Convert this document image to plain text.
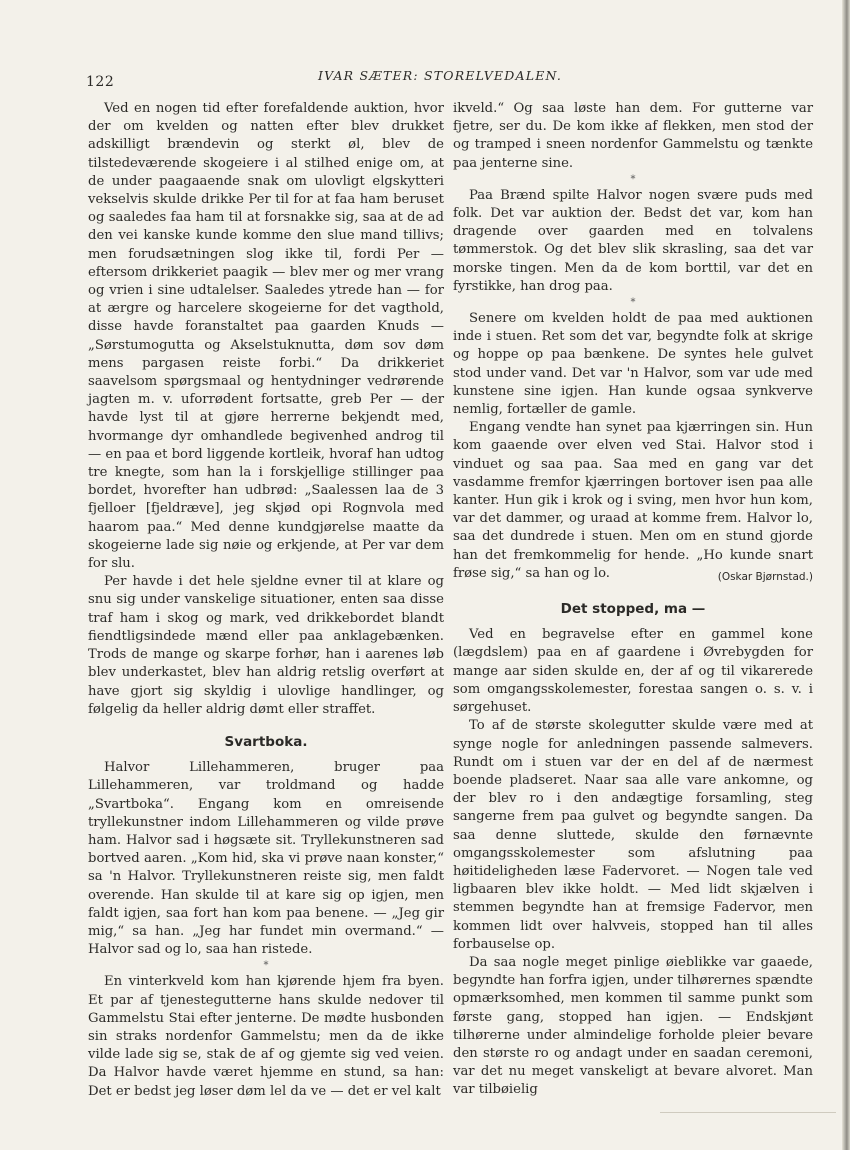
122	IVAR SÆTER: STORELVEDALEN.

Ved en nogen tid efter forefaldende auktion, hvor der om kvelden og natten efter blev drukket adskilligt brændevin og sterkt øl, blev de tilstedeværende skogeiere i al stilhed enige om, at de under paagaaende snak om ulovligt elgskytteri vekselvis skulde drikke Per til for at faa ham beruset og saaledes faa ham til at forsnakke sig, saa at de ad den vei kanske kunde komme den slue mand tillivs; men forudsætningen slog ikke til, fordi Per — eftersom drikkeriet paagik — blev mer og mer vrang og vrien i sine udtalelser. Saaledes ytrede han — for at ærgre og harcelere skogeierne for det vagthold, disse havde foranstaltet paa gaarden Knuds — „Sørstumogutta og Akselstuknutta, døm sov døm mens pargasen reiste forbi.“ Da drikkeriet saavelsom spørgsmaal og hentydninger vedrørende jagten m. v. uforrødent fortsatte, greb Per — der havde lyst til at gjøre herrerne bekjendt med, hvormange dyr omhandlede begivenhed androg til — en paa et bord liggende kortleik, hvoraf han udtog tre knegte, som han la i forskjellige stillinger paa bordet, hvorefter han udbrød: „Saalessen laa de 3 fjelloer [fjeldræve], jeg skjød opi Rognvola med haarom paa.“ Med denne kundgjørelse maatte da skogeierne lade sig nøie og erkjende, at Per var dem for slu.

Per havde i det hele sjeldne evner til at klare og snu sig under vanskelige situationer, enten saa disse traf ham i skog og mark, ved drikkebordet blandt fiendtligsindede mænd eller paa anklagebænken. Trods de mange og skarpe forhør, han i aarenes løb blev underkastet, blev han aldrig retslig overført at have gjort sig skyldig i ulovlige handlinger, og følgelig da heller aldrig dømt eller straffet.

Svartboka.

Halvor Lillehammeren, bruger paa Lillehammeren, var troldmand og hadde „Svartboka“. Engang kom en omreisende tryllekunstner indom Lillehammeren og vilde prøve ham. Halvor sad i høgsæte sit. Tryllekunstneren sad bortved aaren. „Kom hid, ska vi prøve naan konster,“ sa 'n Halvor. Tryllekunstneren reiste sig, men faldt overende. Han skulde til at kare sig op igjen, men faldt igjen, saa fort han kom paa benene. — „Jeg gir mig,“ sa han. „Jeg har fundet min overmand.“ — Halvor sad og lo, saa han ristede.

*

En vinterkveld kom han kjørende hjem fra byen. Et par af tjenestegutterne hans skulde nedover til Gammelstu Stai efter jenterne. De mødte husbonden sin straks nordenfor Gammelstu; men da de ikke vilde lade sig se, stak de af og gjemte sig ved veien. Da Halvor havde været hjemme en stund, sa han: Det er bedst jeg løser døm lel da ve — det er vel kalt

ikveld.“ Og saa løste han dem. For gutterne var fjetre, ser du. De kom ikke af flekken, men stod der og tramped i sneen nordenfor Gammelstu og tænkte paa jenterne sine.

*

Paa Brænd spilte Halvor nogen svære puds med folk. Det var auktion der. Bedst det var, kom han dragende over gaarden med en tolvalens tømmerstok. Og det blev slik skrasling, saa det var morske tingen. Men da de kom borttil, var det en fyrstikke, han drog paa.

*

Senere om kvelden holdt de paa med auktionen inde i stuen. Ret som det var, begyndte folk at skrige og hoppe op paa bænkene. De syntes hele gulvet stod under vand. Det var 'n Halvor, som var ude med kunstene sine igjen. Han kunde ogsaa synkverve nemlig, fortæller de gamle.

Engang vendte han synet paa kjærringen sin. Hun kom gaaende over elven ved Stai. Halvor stod i vinduet og saa paa. Saa med en gang var det vasdamme fremfor kjærringen bortover isen paa alle kanter. Hun gik i krok og i sving, men hvor hun kom, var det dammer, og uraad at komme frem. Halvor lo, saa det dundrede i stuen. Men om en stund gjorde han det fremkommelig for hende. „Ho kunde snart frøse sig,“ sa han og lo.	(Oskar Bjørnstad.)

Det stopped, ma —

Ved en begravelse efter en gammel kone (lægdslem) paa en af gaardene i Øvrebygden for mange aar siden skulde en, der af og til vikarerede som omgangsskolemester, forestaa sangen o. s. v. i sørgehuset.

To af de største skolegutter skulde være med at synge nogle for anledningen passende salmevers. Rundt om i stuen var der en del af de nærmest boende pladseret. Naar saa alle vare ankomne, og der blev ro i den andægtige forsamling, steg sangerne frem paa gulvet og begyndte sangen. Da saa denne sluttede, skulde den førnævnte omgangsskolemester som afslutning paa høitideligheden læse Fadervoret. — Nogen tale ved ligbaaren blev ikke holdt. — Med lidt skjælven i stemmen begyndte han at fremsige Fadervor, men kommen lidt over halvveis, stopped han til alles forbauselse op.

Da saa nogle meget pinlige øieblikke var gaaede, begyndte han forfra igjen, under tilhørernes spændte opmærksomhed, men kommen til samme punkt som første gang, stopped han igjen. — Endskjønt tilhørerne under almindelige forholde pleier bevare den største ro og andagt under en saadan ceremoni, var det nu meget vanskeligt at bevare alvoret. Man var tilbøielig
